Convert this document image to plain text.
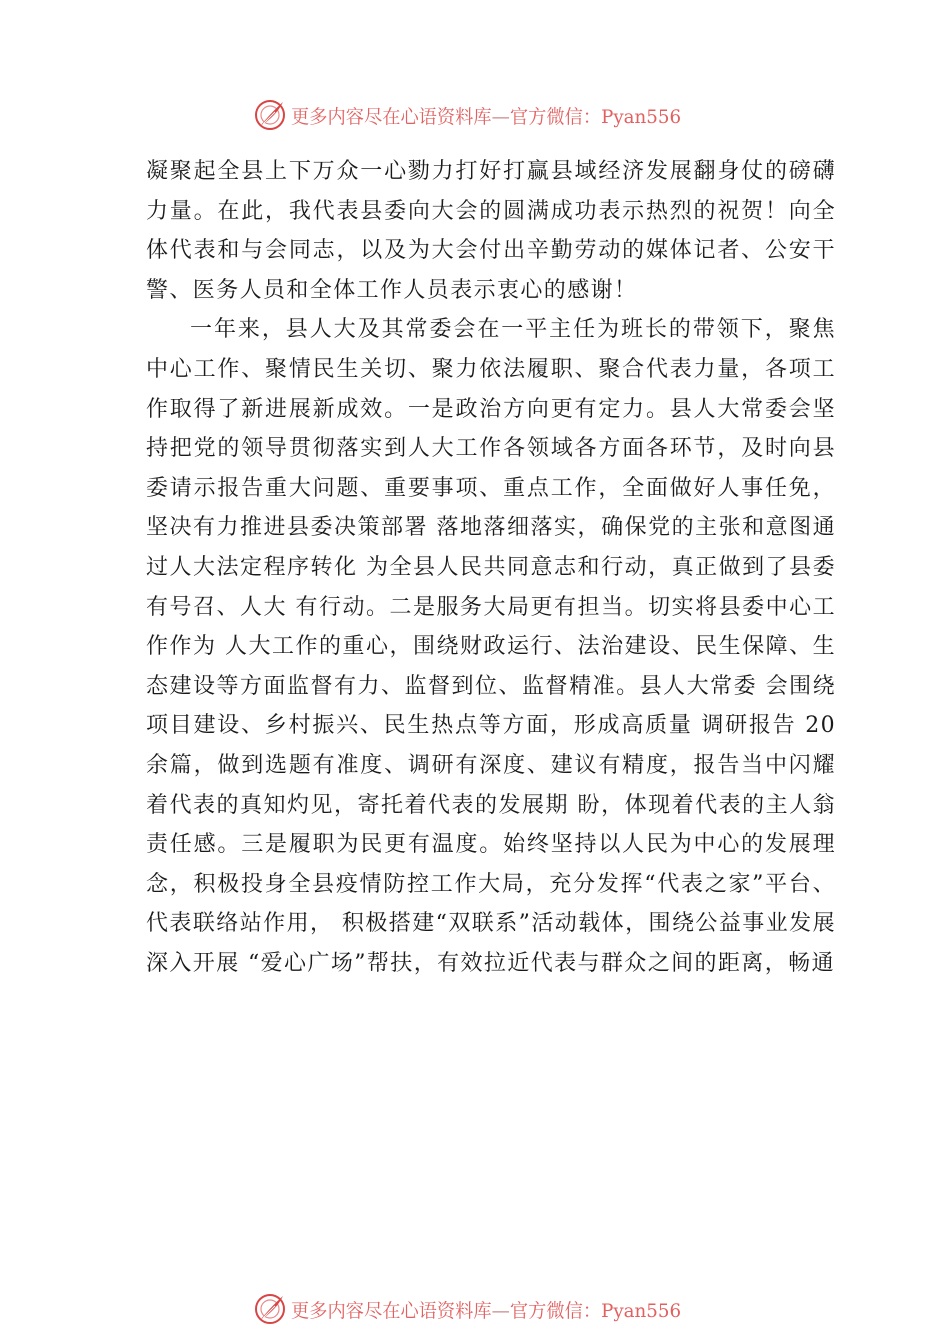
更多内容尽在心语资料库—官方微信：Pyan556

凝聚起全县上下万众一心勠力打好打赢县域经济发展翻身仗的磅礴力量。在此，我代表县委向大会的圆满成功表示热烈的祝贺！向全体代表和与会同志，以及为大会付出辛勤劳动的媒体记者、公安干警、医务人员和全体工作人员表示衷心的感谢！

一年来，县人大及其常委会在一平主任为班长的带领下，聚焦中心工作、聚情民生关切、聚力依法履职、聚合代表力量，各项工作取得了新进展新成效。一是政治方向更有定力。县人大常委会坚持把党的领导贯彻落实到人大工作各领域各方面各环节，及时向县委请示报告重大问题、重要事项、重点工作，全面做好人事任免，坚决有力推进县委决策部署 落地落细落实，确保党的主张和意图通过人大法定程序转化 为全县人民共同意志和行动，真正做到了县委有号召、人大 有行动。二是服务大局更有担当。切实将县委中心工作作为 人大工作的重心，围绕财政运行、法治建设、民生保障、生 态建设等方面监督有力、监督到位、监督精准。县人大常委 会围绕项目建设、乡村振兴、民生热点等方面，形成高质量 调研报告 20 余篇，做到选题有准度、调研有深度、建议有精度，报告当中闪耀着代表的真知灼见，寄托着代表的发展期 盼，体现着代表的主人翁责任感。三是履职为民更有温度。始终坚持以人民为中心的发展理念，积极投身全县疫情防控工作大局，充分发挥“代表之家”平台、代表联络站作用， 积极搭建“双联系”活动载体，围绕公益事业发展深入开展 “爱心广场”帮扶，有效拉近代表与群众之间的距离，畅通

更多内容尽在心语资料库—官方微信：Pyan556
